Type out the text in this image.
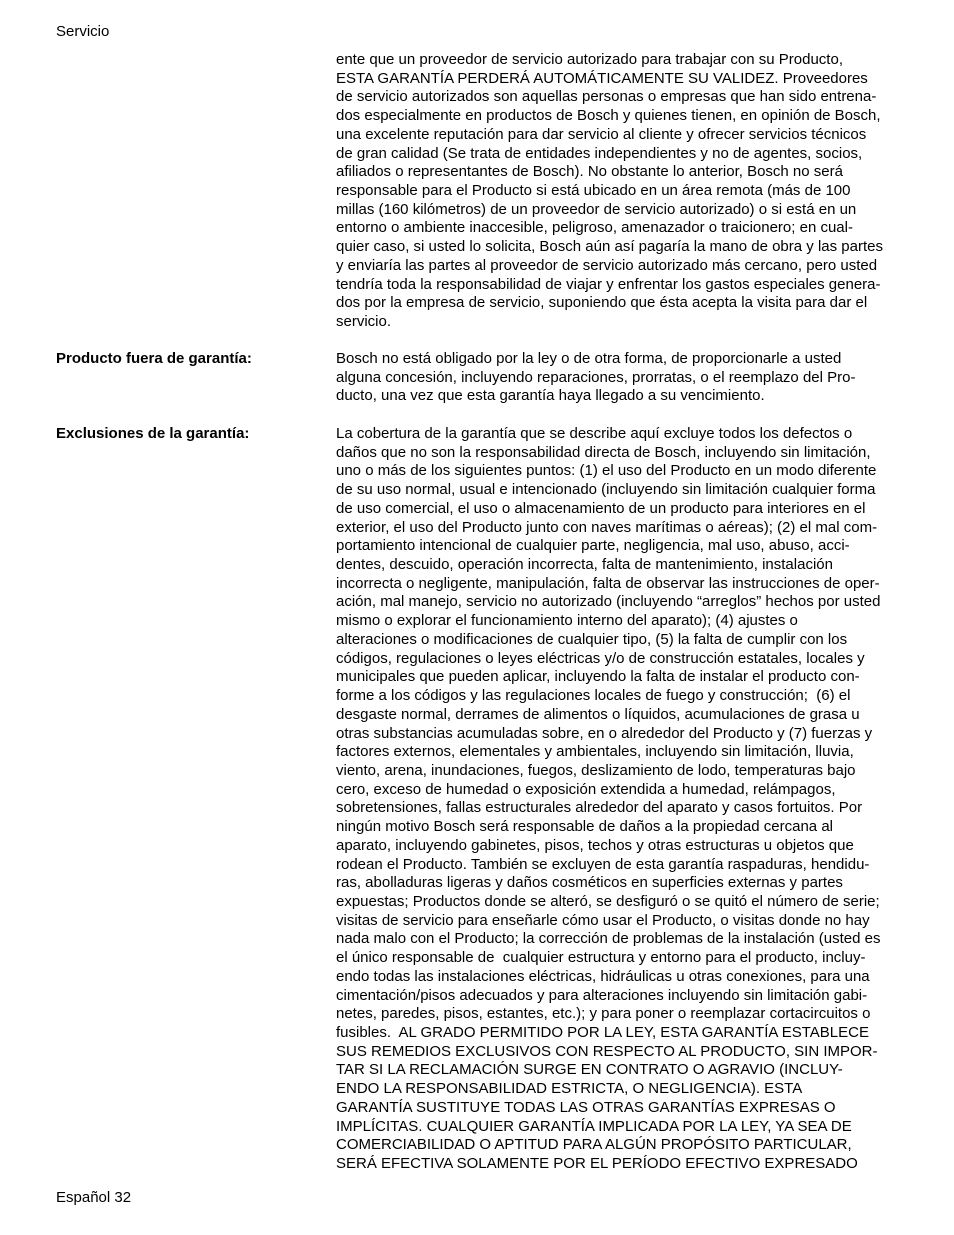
Servicio
ente que un proveedor de servicio autorizado para trabajar con su Producto,
ESTA GARANTÍA PERDERÁ AUTOMÁTICAMENTE SU VALIDEZ. Proveedores
de servicio autorizados son aquellas personas o empresas que han sido entrena-
dos especialmente en productos de Bosch y quienes tienen, en opinión de Bosch,
una excelente reputación para dar servicio al cliente y ofrecer servicios técnicos
de gran calidad (Se trata de entidades independientes y no de agentes, socios,
afiliados o representantes de Bosch). No obstante lo anterior, Bosch no será
responsable para el Producto si está ubicado en un área remota (más de 100
millas (160 kilómetros) de un proveedor de servicio autorizado) o si está en un
entorno o ambiente inaccesible, peligroso, amenazador o traicionero; en cual-
quier caso, si usted lo solicita, Bosch aún así pagaría la mano de obra y las partes
y enviaría las partes al proveedor de servicio autorizado más cercano, pero usted
tendría toda la responsabilidad de viajar y enfrentar los gastos especiales genera-
dos por la empresa de servicio, suponiendo que ésta acepta la visita para dar el
servicio.
Producto fuera de garantía:	Bosch no está obligado por la ley o de otra forma, de proporcionarle a usted
alguna concesión, incluyendo reparaciones, prorratas, o el reemplazo del Pro-
ducto, una vez que esta garantía haya llegado a su vencimiento.
Exclusiones de la garantía:	La cobertura de la garantía que se describe aquí excluye todos los defectos o
daños que no son la responsabilidad directa de Bosch, incluyendo sin limitación,
uno o más de los siguientes puntos: (1) el uso del Producto en un modo diferente
de su uso normal, usual e intencionado (incluyendo sin limitación cualquier forma
de uso comercial, el uso o almacenamiento de un producto para interiores en el
exterior, el uso del Producto junto con naves marítimas o aéreas); (2) el mal com-
portamiento intencional de cualquier parte, negligencia, mal uso, abuso, acci-
dentes, descuido, operación incorrecta, falta de mantenimiento, instalación
incorrecta o negligente, manipulación, falta de observar las instrucciones de oper-
ación, mal manejo, servicio no autorizado (incluyendo “arreglos” hechos por usted
mismo o explorar el funcionamiento interno del aparato); (4) ajustes o
alteraciones o modificaciones de cualquier tipo, (5) la falta de cumplir con los
códigos, regulaciones o leyes eléctricas y/o de construcción estatales, locales y
municipales que pueden aplicar, incluyendo la falta de instalar el producto con-
forme a los códigos y las regulaciones locales de fuego y construcción;  (6) el
desgaste normal, derrames de alimentos o líquidos, acumulaciones de grasa u
otras substancias acumuladas sobre, en o alrededor del Producto y (7) fuerzas y
factores externos, elementales y ambientales, incluyendo sin limitación, lluvia,
viento, arena, inundaciones, fuegos, deslizamiento de lodo, temperaturas bajo
cero, exceso de humedad o exposición extendida a humedad, relámpagos,
sobretensiones, fallas estructurales alrededor del aparato y casos fortuitos. Por
ningún motivo Bosch será responsable de daños a la propiedad cercana al
aparato, incluyendo gabinetes, pisos, techos y otras estructuras u objetos que
rodean el Producto. También se excluyen de esta garantía raspaduras, hendidu-
ras, abolladuras ligeras y daños cosméticos en superficies externas y partes
expuestas; Productos donde se alteró, se desfiguró o se quitó el número de serie;
visitas de servicio para enseñarle cómo usar el Producto, o visitas donde no hay
nada malo con el Producto; la corrección de problemas de la instalación (usted es
el único responsable de  cualquier estructura y entorno para el producto, incluy-
endo todas las instalaciones eléctricas, hidráulicas u otras conexiones, para una
cimentación/pisos adecuados y para alteraciones incluyendo sin limitación gabi-
netes, paredes, pisos, estantes, etc.); y para poner o reemplazar cortacircuitos o
fusibles.  AL GRADO PERMITIDO POR LA LEY, ESTA GARANTÍA ESTABLECE
SUS REMEDIOS EXCLUSIVOS CON RESPECTO AL PRODUCTO, SIN IMPOR-
TAR SI LA RECLAMACIÓN SURGE EN CONTRATO O AGRAVIO (INCLUY-
ENDO LA RESPONSABILIDAD ESTRICTA, O NEGLIGENCIA). ESTA
GARANTÍA SUSTITUYE TODAS LAS OTRAS GARANTÍAS EXPRESAS O
IMPLÍCITAS. CUALQUIER GARANTÍA IMPLICADA POR LA LEY, YA SEA DE
COMERCIABILIDAD O APTITUD PARA ALGÚN PROPÓSITO PARTICULAR,
SERÁ EFECTIVA SOLAMENTE POR EL PERÍODO EFECTIVO EXPRESADO
Español 32
